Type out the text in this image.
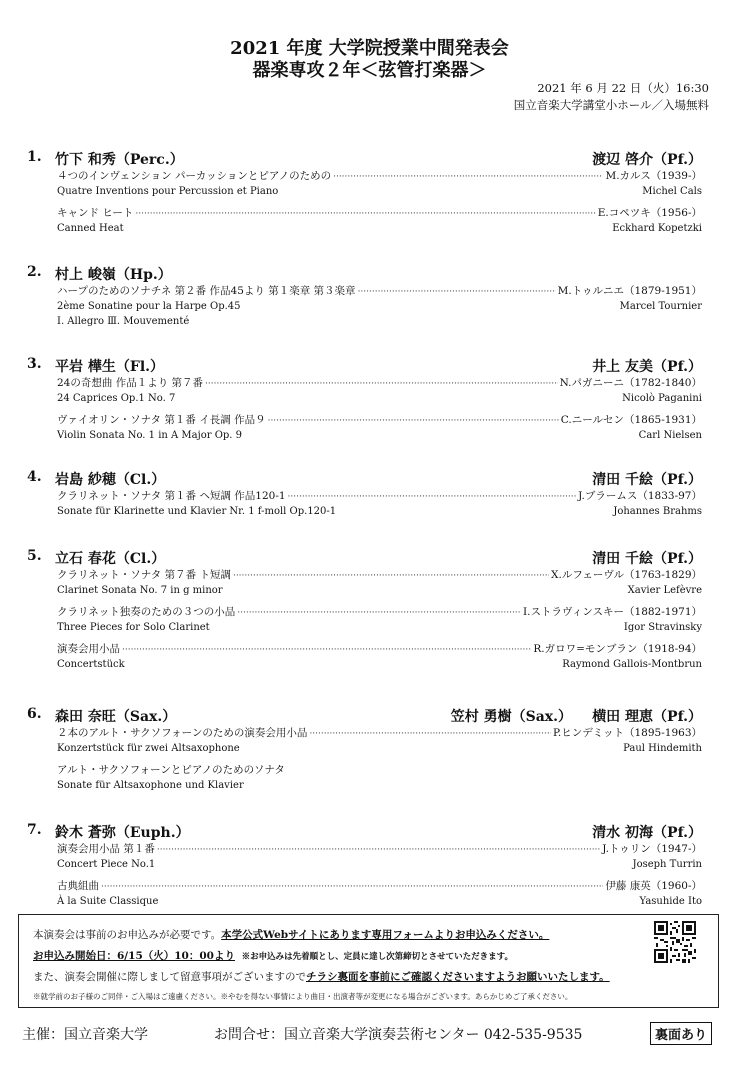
2021 年度 大学院授業中間発表会
器楽専攻２年＜弦管打楽器＞
2021 年 6 月 22 日（火）16:30
国立音楽大学講堂小ホール／入場無料
1. 竹下 和秀（Perc.）	渡辺 啓介（Pf.）
４つのインヴェンション パーカッションとピアノのための ·····	M.カルス（1939-）
Quatre Inventions pour Percussion et Piano	Michel Cals
キャンド ヒート ·····	E.コペツキ（1956-）
Canned Heat	Eckhard Kopetzki
2. 村上 峻嶺（Hp.）
ハープのためのソナチネ 第２番 作品45より 第１楽章 第３楽章 ·····	M.トゥルニエ（1879-1951）
2ème Sonatine pour la Harpe Op.45	Marcel Tournier
Ⅰ. Allegro Ⅲ. Mouvementé
3. 平岩 樺生（Fl.）	井上 友美（Pf.）
24の奇想曲 作品１より 第７番 ·····	N.パガニーニ（1782-1840）
24 Caprices Op.1 No. 7	Nicolò Paganini
ヴァイオリン・ソナタ 第１番 イ長調 作品９ ·····	C.ニールセン（1865-1931）
Violin Sonata No. 1 in A Major Op. 9	Carl Nielsen
4. 岩島 紗穂（Cl.）	清田 千絵（Pf.）
クラリネット・ソナタ 第１番 ヘ短調 作品120-1 ·····	J.ブラームス（1833-97）
Sonate für Klarinette und Klavier Nr. 1 f-moll Op.120-1	Johannes Brahms
5. 立石 春花（Cl.）	清田 千絵（Pf.）
クラリネット・ソナタ 第７番 ト短調 ·····	X.ルフェーヴル（1763-1829）
Clarinet Sonata No. 7 in g minor	Xavier Lefèvre
クラリネット独奏のための３つの小品 ·····	I.ストラヴィンスキー（1882-1971）
Three Pieces for Solo Clarinet	Igor Stravinsky
演奏会用小品 ·····	R.ガロワ=モンブラン（1918-94）
Concertstück	Raymond Gallois-Montbrun
6. 森田 奈旺（Sax.）	笠村 勇樹（Sax.） 横田 理恵（Pf.）
２本のアルト・サクソフォーンのための演奏会用小品 ·····	P.ヒンデミット（1895-1963）
Konzertstück für zwei Altsaxophone	Paul Hindemith
アルト・サクソフォーンとピアノのためのソナタ
Sonate für Altsaxophone und Klavier
7. 鈴木 蒼弥（Euph.）	清水 初海（Pf.）
演奏会用小品 第１番 ·····	J.トゥリン（1947-）
Concert Piece No.1	Joseph Turrin
古典組曲 ·····	伊藤 康英（1960-）
À la Suite Classique	Yasuhide Ito
本演奏会は事前のお申込みが必要です。本学公式Webサイトにあります専用フォームよりお申込みください。
お申込み開始日：6/15（火）10：00より ※お申込みは先着順とし、定員に達し次第締切とさせていただきます。
また、演奏会開催に際しまして留意事項がございますのでチラシ裏面を事前にご確認くださいますようお願いいたします。
※就学前のお子様のご同伴・ご入場はご遠慮ください。※やむを得ない事情により曲目・出演者等が変更になる場合がございます。あらかじめご了承ください。
主催：国立音楽大学	お問合せ：国立音楽大学演奏芸術センター 042-535-9535	裏面あり
